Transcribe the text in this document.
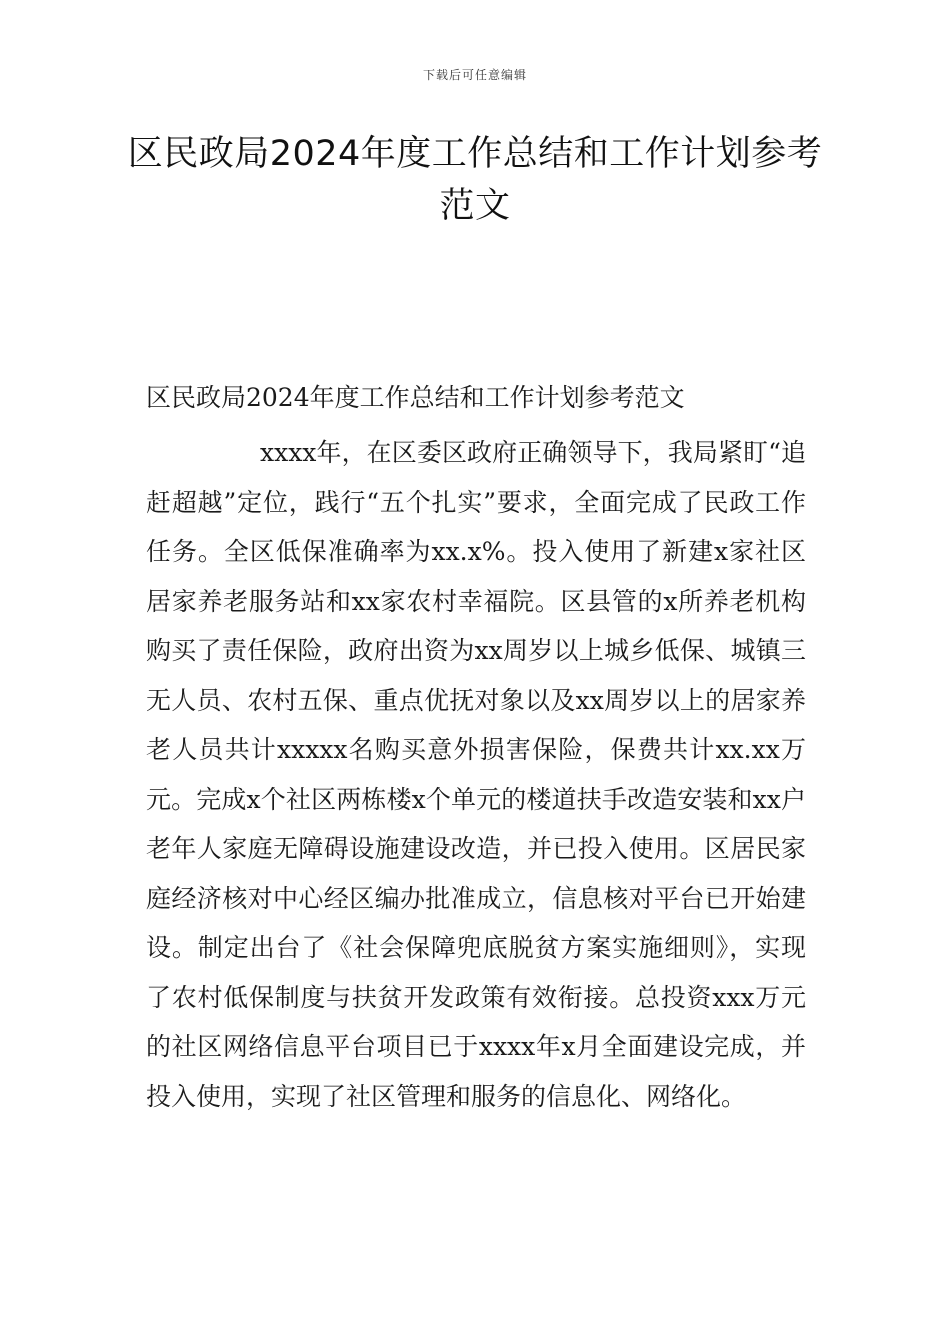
下载后可任意编辑
区民政局2024年度工作总结和工作计划参考范文

区民政局2024年度工作总结和工作计划参考范文

xxxx年，在区委区政府正确领导下，我局紧盯“追赶超越”定位，践行“五个扎实”要求，全面完成了民政工作任务。全区低保准确率为xx.x%。投入使用了新建x家社区居家养老服务站和xx家农村幸福院。区县管的x所养老机构购买了责任保险，政府出资为xx周岁以上城乡低保、城镇三无人员、农村五保、重点优抚对象以及xx周岁以上的居家养老人员共计xxxxx名购买意外损害保险，保费共计xx.xx万元。完成x个社区两栋楼x个单元的楼道扶手改造安装和xx户老年人家庭无障碍设施建设改造，并已投入使用。区居民家庭经济核对中心经区编办批准成立，信息核对平台已开始建设。制定出台了《社会保障兜底脱贫方案实施细则》，实现了农村低保制度与扶贫开发政策有效衔接。总投资xxx万元的社区网络信息平台项目已于xxxx年x月全面建设完成，并投入使用，实现了社区管理和服务的信息化、网络化。
